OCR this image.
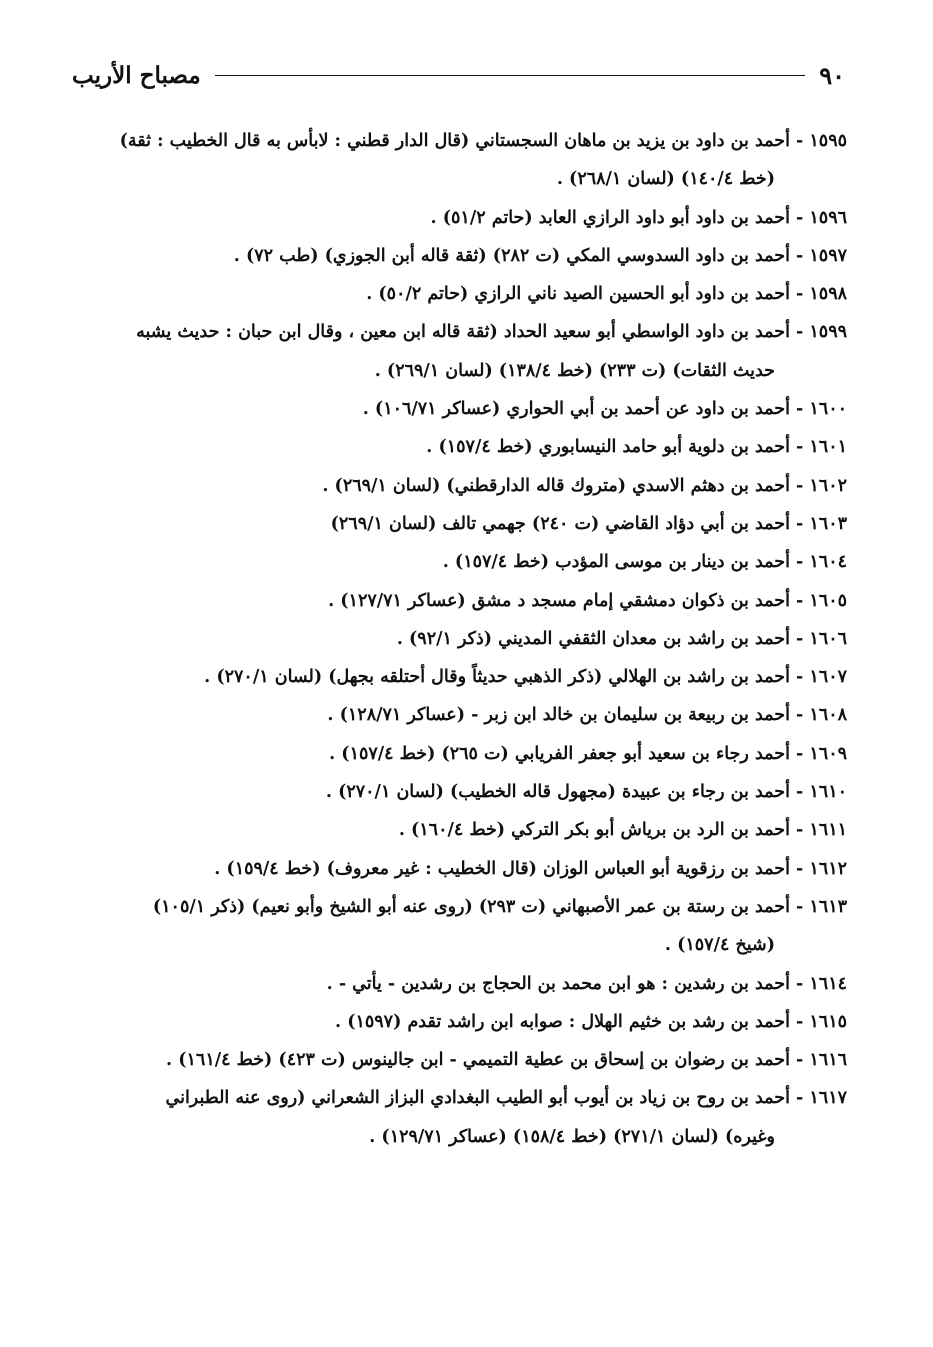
٩٠
مصباح الأريب
١٥٩٥ - أحمد بن داود بن يزيد بن ماهان السجستاني (قال الدار قطني : لابأس به قال الخطيب : ثقة)
(خط ١٤٠/٤) (لسان ٢٦٨/١) .
١٥٩٦ - أحمد بن داود أبو داود الرازي العابد (حاتم ٥١/٢) .
١٥٩٧ - أحمد بن داود السدوسي المكي (ت ٢٨٢) (ثقة قاله أبن الجوزي) (طب ٧٢) .
١٥٩٨ - أحمد بن داود أبو الحسين الصيد ناني الرازي (حاتم ٥٠/٢) .
١٥٩٩ - أحمد بن داود الواسطي أبو سعيد الحداد (ثقة قاله ابن معين ، وقال ابن حبان : حديث يشبه
حديث الثقات) (ت ٢٣٣) (خط ١٣٨/٤) (لسان ٢٦٩/١) .
١٦٠٠ - أحمد بن داود عن أحمد بن أبي الحواري (عساكر ١٠٦/٧١) .
١٦٠١ - أحمد بن دلوية أبو حامد النيسابوري (خط ١٥٧/٤) .
١٦٠٢ - أحمد بن دهثم الاسدي (متروك قاله الدارقطني) (لسان ٢٦٩/١) .
١٦٠٣ - أحمد بن أبي دؤاد القاضي (ت ٢٤٠) جهمي تالف (لسان ٢٦٩/١)
١٦٠٤ - أحمد بن دينار بن موسى المؤدب (خط ١٥٧/٤) .
١٦٠٥ - أحمد بن ذكوان دمشقي إمام مسجد د مشق (عساكر ١٢٧/٧١) .
١٦٠٦ - أحمد بن راشد بن معدان الثقفي المديني (ذكر ٩٢/١) .
١٦٠٧ - أحمد بن راشد بن الهلالي (ذكر الذهبي حديثاً وقال أحتلقه بجهل) (لسان ٢٧٠/١) .
١٦٠٨ - أحمد بن ربيعة بن سليمان بن خالد ابن زبر - (عساكر ١٢٨/٧١) .
١٦٠٩ - أحمد رجاء بن سعيد أبو جعفر الفريابي (ت ٢٦٥) (خط ١٥٧/٤) .
١٦١٠ - أحمد بن رجاء بن عبيدة (مجهول قاله الخطيب) (لسان ٢٧٠/١) .
١٦١١ - أحمد بن الرد بن برياش أبو بكر التركي (خط ١٦٠/٤) .
١٦١٢ - أحمد بن رزقوية أبو العباس الوزان (قال الخطيب : غير معروف) (خط ١٥٩/٤) .
١٦١٣ - أحمد بن رستة بن عمر الأصبهاني (ت ٢٩٣) (روى عنه أبو الشيخ وأبو نعيم) (ذكر ١٠٥/١)
(شيخ ١٥٧/٤) .
١٦١٤ - أحمد بن رشدين : هو ابن محمد بن الحجاج بن رشدين - يأتي - .
١٦١٥ - أحمد بن رشد بن خثيم الهلال : صوابه ابن راشد تقدم (١٥٩٧) .
١٦١٦ - أحمد بن رضوان بن إسحاق بن عطية التميمي - ابن جالينوس (ت ٤٢٣) (خط ١٦١/٤) .
١٦١٧ - أحمد بن روح بن زياد بن أيوب أبو الطيب البغدادي البزاز الشعراني (روى عنه الطبراني
وغيره) (لسان ٢٧١/١) (خط ١٥٨/٤) (عساكر ١٢٩/٧١) .
